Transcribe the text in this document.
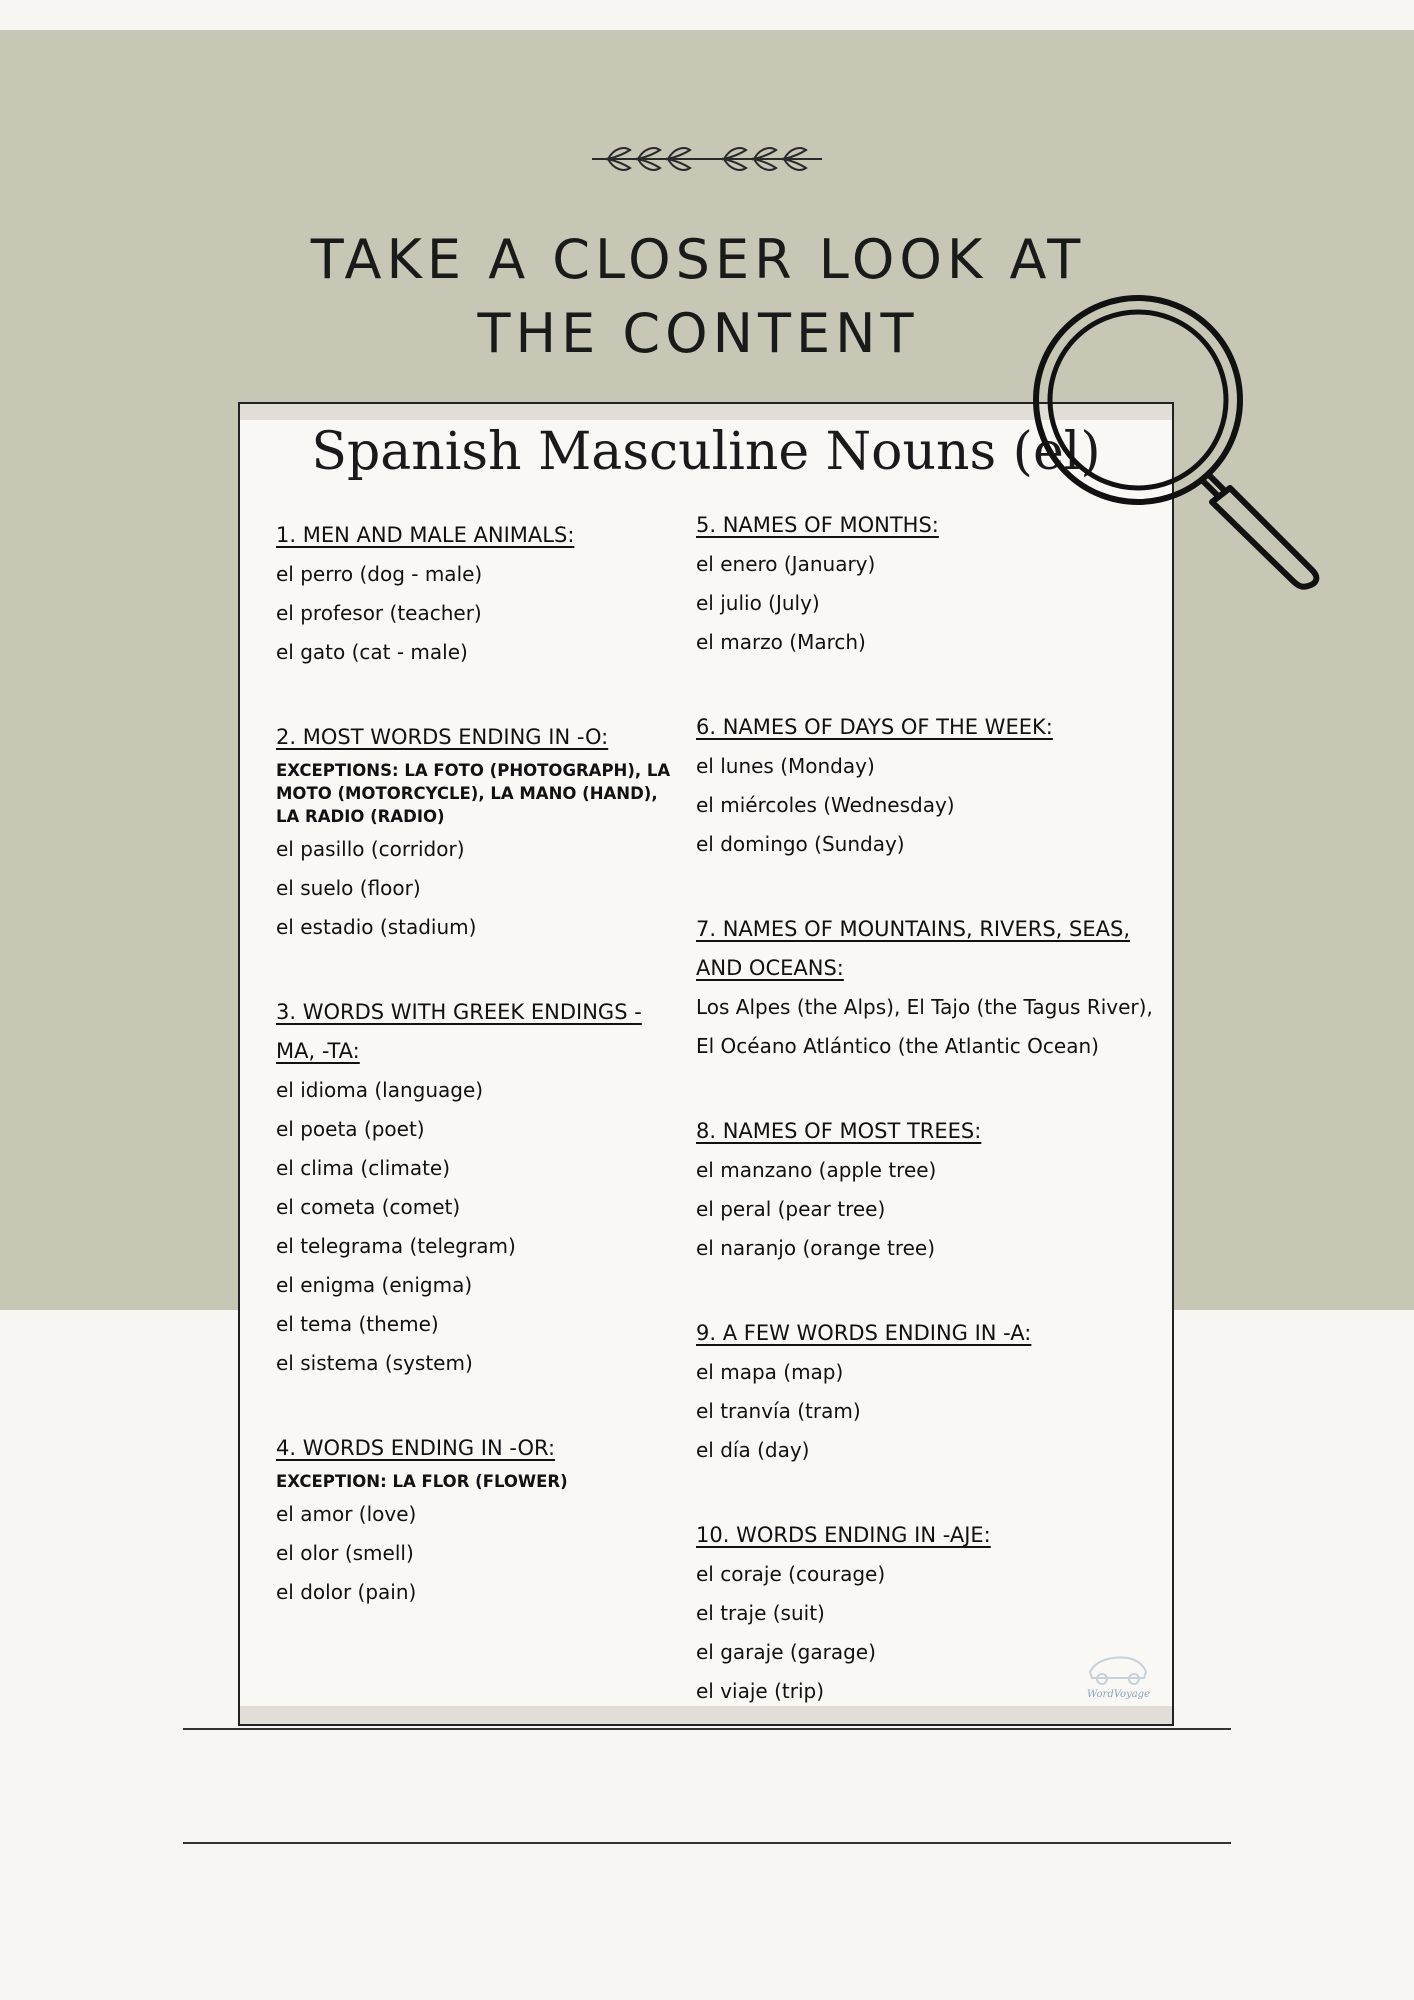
TAKE A CLOSER LOOK AT
THE CONTENT
Spanish Masculine Nouns (el)

1. MEN AND MALE ANIMALS:

el perro (dog - male)

el profesor (teacher)

el gato (cat - male)

2. MOST WORDS ENDING IN -O:

EXCEPTIONS: LA FOTO (PHOTOGRAPH), LA MOTO (MOTORCYCLE), LA MANO (HAND), LA RADIO (RADIO)

el pasillo (corridor)

el suelo (floor)

el estadio (stadium)

3. WORDS WITH GREEK ENDINGS -MA, -TA:

el idioma (language)

el poeta (poet)

el clima (climate)

el cometa (comet)

el telegrama (telegram)

el enigma (enigma)

el tema (theme)

el sistema (system)

4. WORDS ENDING IN -OR:

EXCEPTION: LA FLOR (FLOWER)

el amor (love)

el olor (smell)

el dolor (pain)

5. NAMES OF MONTHS:

el enero (January)

el julio (July)

el marzo (March)

6. NAMES OF DAYS OF THE WEEK:

el lunes (Monday)

el miércoles (Wednesday)

el domingo (Sunday)

7. NAMES OF MOUNTAINS, RIVERS, SEAS, AND OCEANS:

Los Alpes (the Alps), El Tajo (the Tagus River), El Océano Atlántico (the Atlantic Ocean)

8. NAMES OF MOST TREES:

el manzano (apple tree)

el peral (pear tree)

el naranjo (orange tree)

9. A FEW WORDS ENDING IN -A:

el mapa (map)

el tranvía (tram)

el día (day)

10. WORDS ENDING IN -AJE:

el coraje (courage)

el traje (suit)

el garaje (garage)

el viaje (trip)	WordVoyage
